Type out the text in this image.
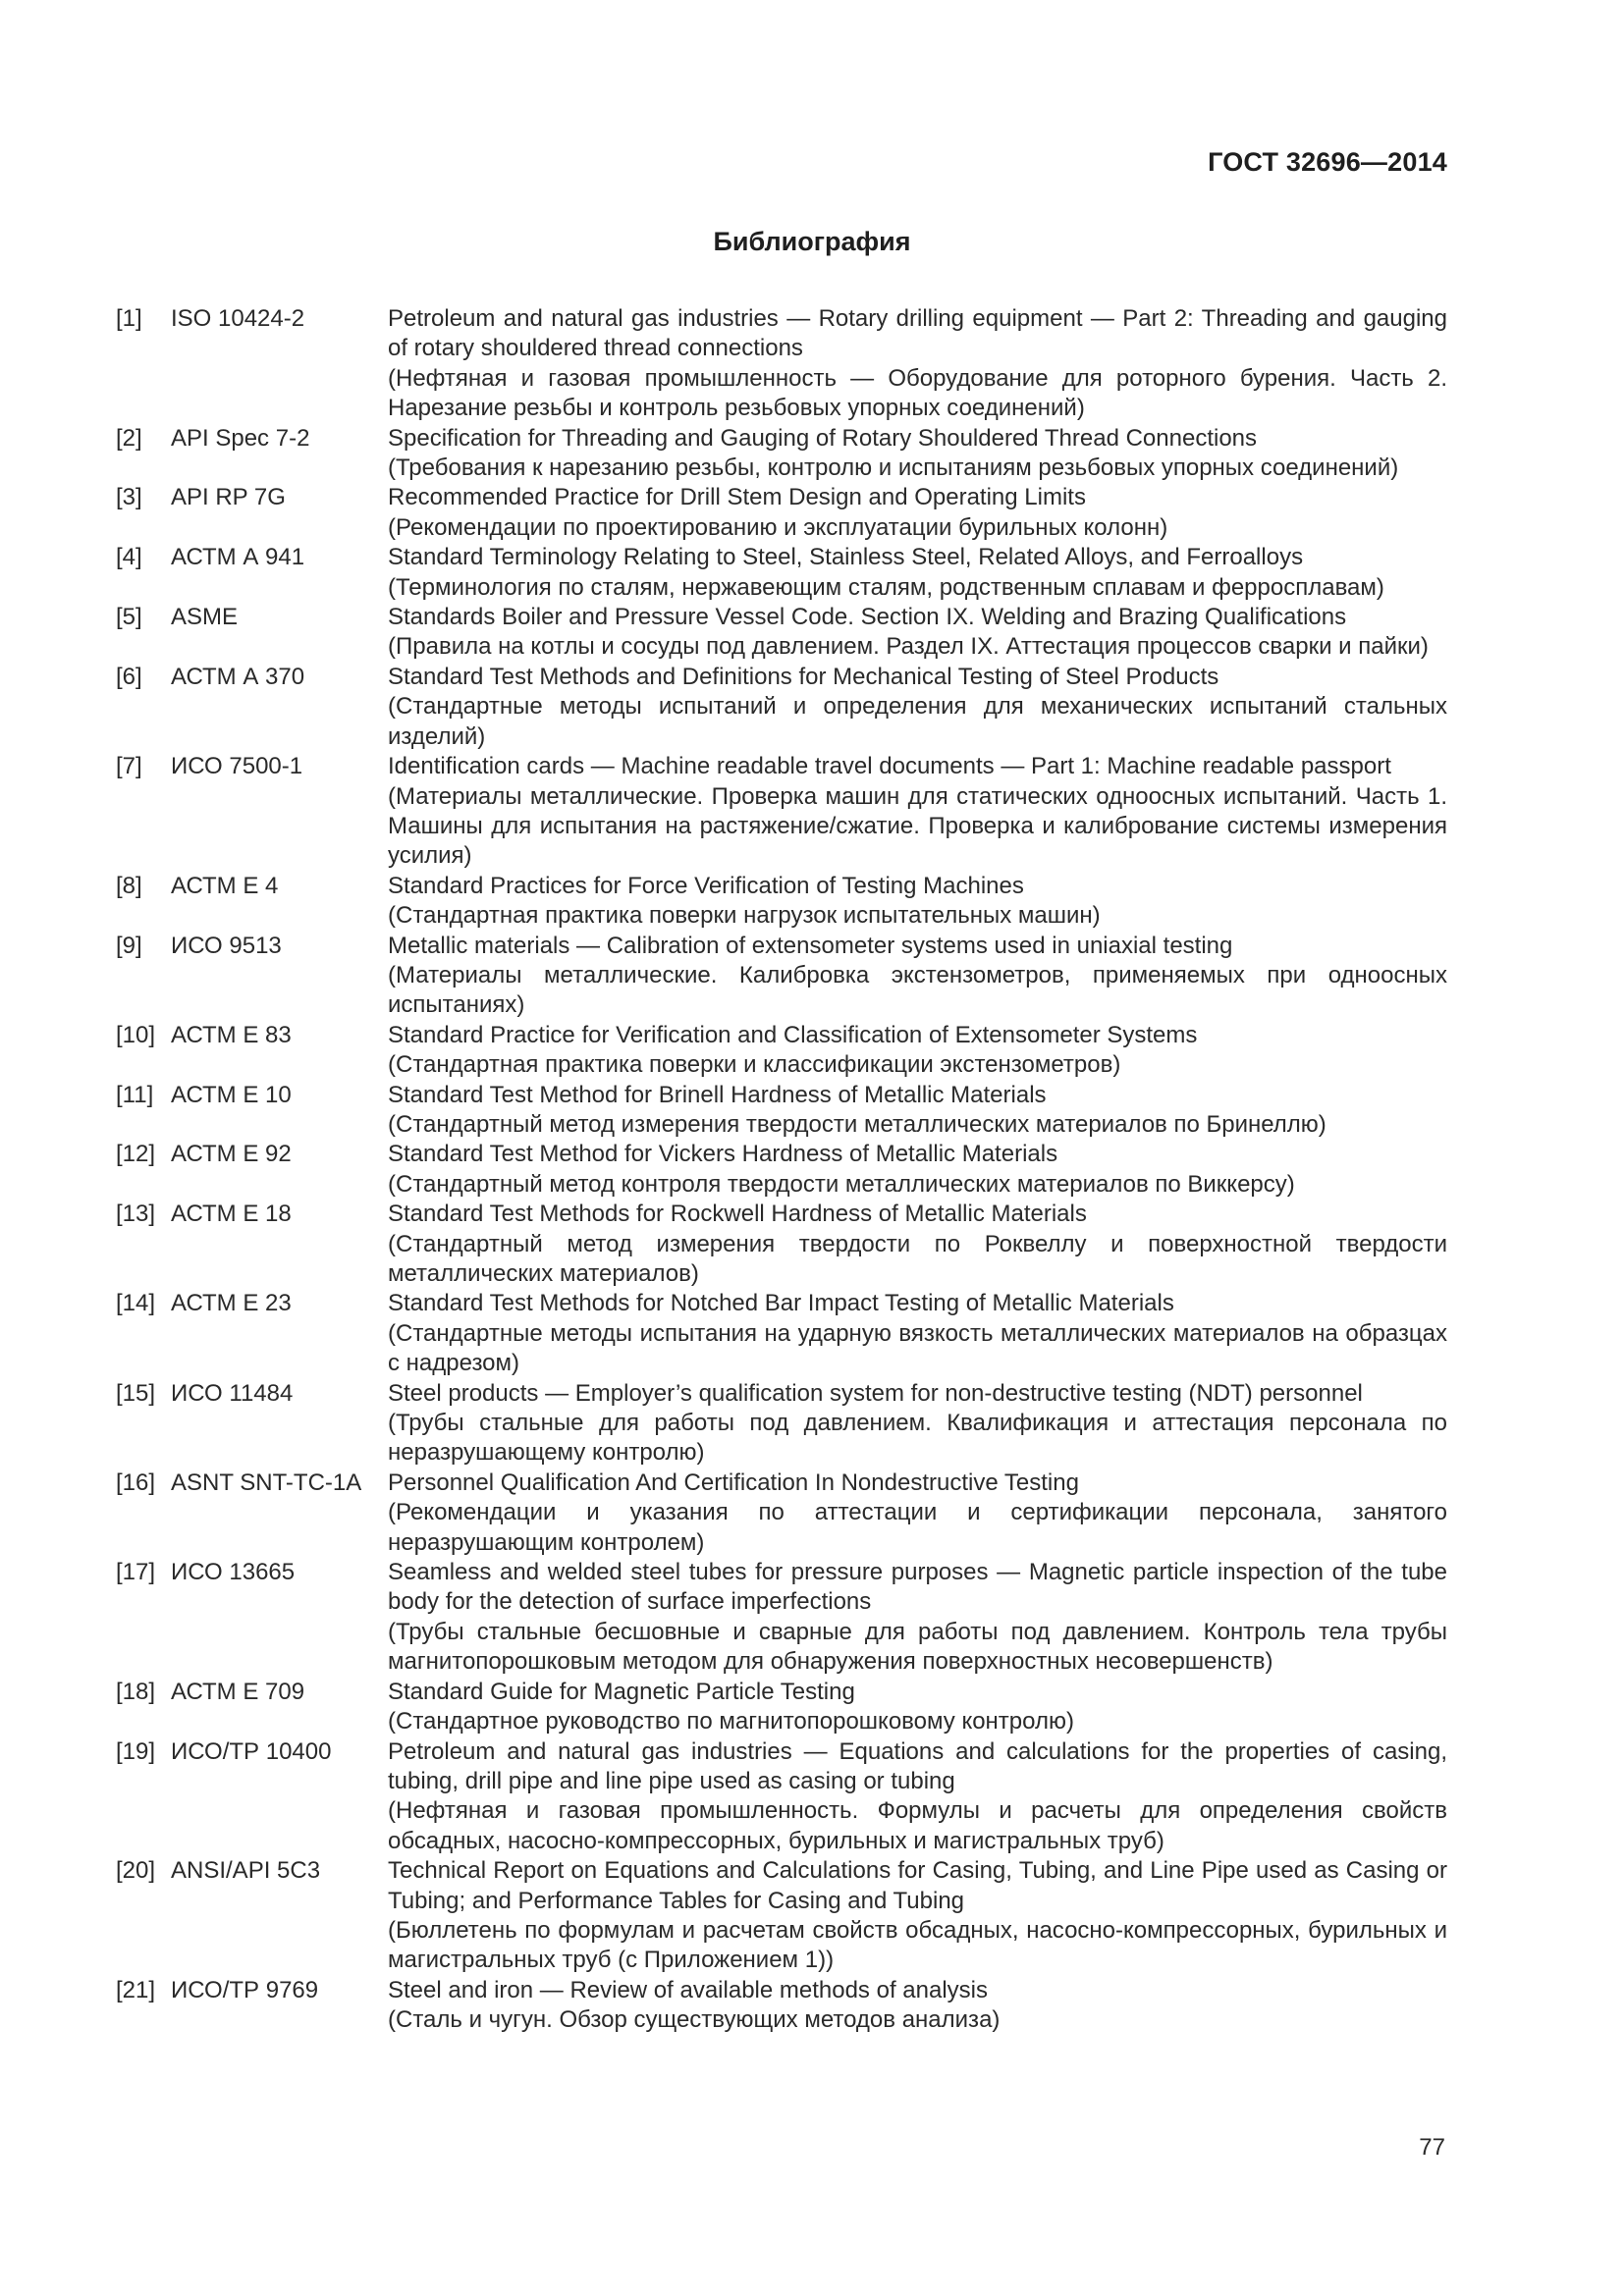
ГОСТ 32696—2014
Библиография
[1]	ISO 10424-2	Petroleum and natural gas industries — Rotary drilling equipment — Part 2: Threading and gauging of rotary shouldered thread connections
(Нефтяная и газовая промышленность — Оборудование для роторного бурения. Часть 2. Нарезание резьбы и контроль резьбовых упорных соединений)
[2]	API Spec 7-2	Specification for Threading and Gauging of Rotary Shouldered Thread Connections
(Требования к нарезанию резьбы, контролю и испытаниям резьбовых упорных соединений)
[3]	API RP 7G	Recommended Practice for Drill Stem Design and Operating Limits
(Рекомендации по проектированию и эксплуатации бурильных колонн)
[4]	АСТМ А 941	Standard Terminology Relating to Steel, Stainless Steel, Related Alloys, and Ferroalloys
(Терминология по сталям, нержавеющим сталям, родственным сплавам и ферросплавам)
[5]	ASME	Standards Boiler and Pressure Vessel Code. Section IX. Welding and Brazing Qualifications
(Правила на котлы и сосуды под давлением. Раздел IX. Аттестация процессов сварки и пайки)
[6]	АСТМ А 370	Standard Test Methods and Definitions for Mechanical Testing of Steel Products
(Стандартные методы испытаний и определения для механических испытаний стальных изделий)
[7]	ИСО 7500-1	Identification cards — Machine readable travel documents — Part 1: Machine readable passport
(Материалы металлические. Проверка машин для статических одноосных испытаний. Часть 1. Машины для испытания на растяжение/сжатие. Проверка и калибрование системы измерения усилия)
[8]	АСТМ Е 4	Standard Practices for Force Verification of Testing Machines
(Стандартная практика поверки нагрузок испытательных машин)
[9]	ИСО 9513	Metallic materials — Calibration of extensometer systems used in uniaxial testing
(Материалы металлические. Калибровка экстензометров, применяемых при одноосных испытаниях)
[10] АСТМ Е 83	Standard Practice for Verification and Classification of Extensometer Systems
(Стандартная практика поверки и классификации экстензометров)
[11] АСТМ Е 10	Standard Test Method for Brinell Hardness of Metallic Materials
(Стандартный метод измерения твердости металлических материалов по Бринеллю)
[12] АСТМ Е 92	Standard Test Method for Vickers Hardness of Metallic Materials
(Стандартный метод контроля твердости металлических материалов по Виккерсу)
[13] АСТМ Е 18	Standard Test Methods for Rockwell Hardness of Metallic Materials
(Стандартный метод измерения твердости по Роквеллу и поверхностной твердости металлических материалов)
[14] АСТМ Е 23	Standard Test Methods for Notched Bar Impact Testing of Metallic Materials
(Стандартные методы испытания на ударную вязкость металлических материалов на образцах с надрезом)
[15] ИСО 11484	Steel products — Employer’s qualification system for non-destructive testing (NDT) personnel
(Трубы стальные для работы под давлением. Квалификация и аттестация персонала по неразрушающему контролю)
[16] ASNT SNT-TC-1A	Personnel Qualification And Certification In Nondestructive Testing
(Рекомендации и указания по аттестации и сертификации персонала, занятого неразрушающим контролем)
[17] ИСО 13665	Seamless and welded steel tubes for pressure purposes — Magnetic particle inspection of the tube body for the detection of surface imperfections
(Трубы стальные бесшовные и сварные для работы под давлением. Контроль тела трубы магнитопорошковым методом для обнаружения поверхностных несовершенств)
[18] АСТМ Е 709	Standard Guide for Magnetic Particle Testing
(Стандартное руководство по магнитопорошковому контролю)
[19] ИСО/ТР 10400	Petroleum and natural gas industries — Equations and calculations for the properties of casing, tubing, drill pipe and line pipe used as casing or tubing
(Нефтяная и газовая промышленность. Формулы и расчеты для определения свойств обсадных, насосно-компрессорных, бурильных и магистральных труб)
[20] ANSI/API 5C3	Technical Report on Equations and Calculations for Casing, Tubing, and Line Pipe used as Casing or Tubing; and Performance Tables for Casing and Tubing
(Бюллетень по формулам и расчетам свойств обсадных, насосно-компрессорных, бурильных и магистральных труб (с Приложением 1))
[21] ИСО/ТР 9769	Steel and iron — Review of available methods of analysis
(Сталь и чугун. Обзор существующих методов анализа)
77
